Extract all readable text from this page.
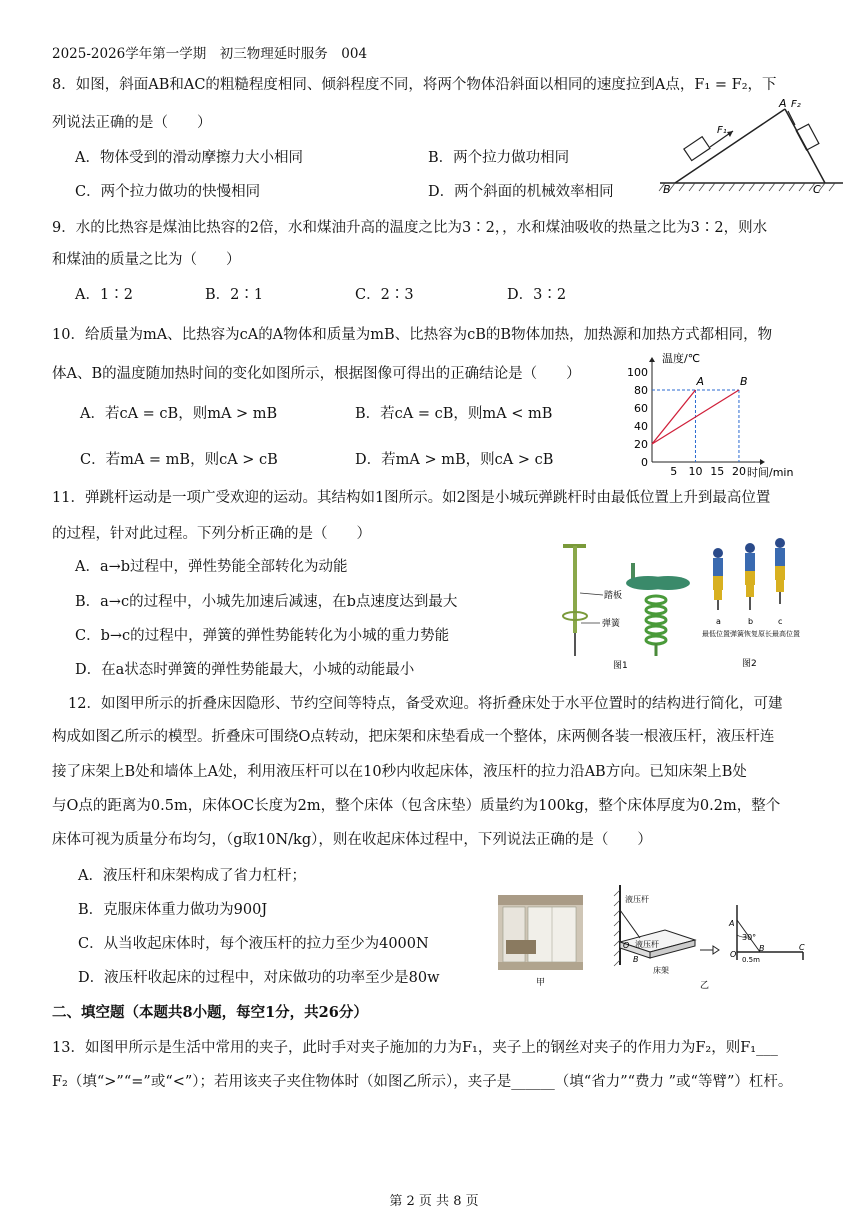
2025-2026学年第一学期　初三物理延时服务　004
8．如图，斜面AB和AC的粗糙程度相同、倾斜程度不同，将两个物体沿斜面以相同的速度拉到A点，F₁ = F₂，下
列说法正确的是（　　）
A．物体受到的滑动摩擦力大小相同	B．两个拉力做功相同
C．两个拉力做功的快慢相同	D．两个斜面的机械效率相同	B
A
C
F₁
F₂
9．水的比热容是煤油比热容的2倍，水和煤油升高的温度之比为3∶2，，水和煤油吸收的热量之比为3∶2，则水
和煤油的质量之比为（　　）
A．1∶2	B．2∶1	C．2∶3	D．3∶2
10．给质量为mA、比热容为cA的A物体和质量为mB、比热容为cB的B物体加热，加热源和加热方式都相同，物
体A、B的温度随加热时间的变化如图所示，根据图像可得出的正确结论是（　　）
A．若cA = cB，则mA > mB	B．若cA = cB，则mA < mB
C．若mA = mB，则cA > cB	D．若mA > mB，则cA > cB
温度/℃
时间/min
100
80
60
40
20
0
5 10 15 20
A	B
11．弹跳杆运动是一项广受欢迎的运动。其结构如1图所示。如2图是小城玩弹跳杆时由最低位置上升到最高位置
的过程，针对此过程。下列分析正确的是（　　）
A．a→b过程中，弹性势能全部转化为动能
B．a→c的过程中，小城先加速后减速，在b点速度达到最大
C．b→c的过程中，弹簧的弹性势能转化为小城的重力势能
D．在a状态时弹簧的弹性势能最大，小城的动能最小
踏板
弹簧
图1
a	b	c
最低位置 弹簧恢复原长 最高位置
图2
12．如图甲所示的折叠床因隐形、节约空间等特点，备受欢迎。将折叠床处于水平位置时的结构进行简化，可建
构成如图乙所示的模型。折叠床可围绕O点转动，把床架和床垫看成一个整体，床两侧各装一根液压杆，液压杆连
接了床架上B处和墙体上A处，利用液压杆可以在10秒内收起床体，液压杆的拉力沿AB方向。已知床架上B处
与O点的距离为0.5m，床体OC长度为2m，整个床体（包含床垫）质量约为100kg，整个床体厚度为0.2m，整个
床体可视为质量分布均匀，（g取10N/kg），则在收起床体过程中，下列说法正确的是（　　）
A．液压杆和床架构成了省力杠杆；
B．克服床体重力做功为900J
C．从当收起床体时，每个液压杆的拉力至少为4000N
D．液压杆收起床的过程中，对床做功的功率至少是80w	甲
液压杆
液压杆
床架
O
B
30°
A
O
B	C
0.5m
乙
二、填空题（本题共8小题，每空1分，共26分）
13．如图甲所示是生活中常用的夹子，此时手对夹子施加的力为F₁，夹子上的钢丝对夹子的作用力为F₂，则F₁___
F₂（填“>”“=”或“<”）；若用该夹子夹住物体时（如图乙所示），夹子是______（填“省力”“费力 ”或“等臂”）杠杆。
第 2 页 共 8 页
